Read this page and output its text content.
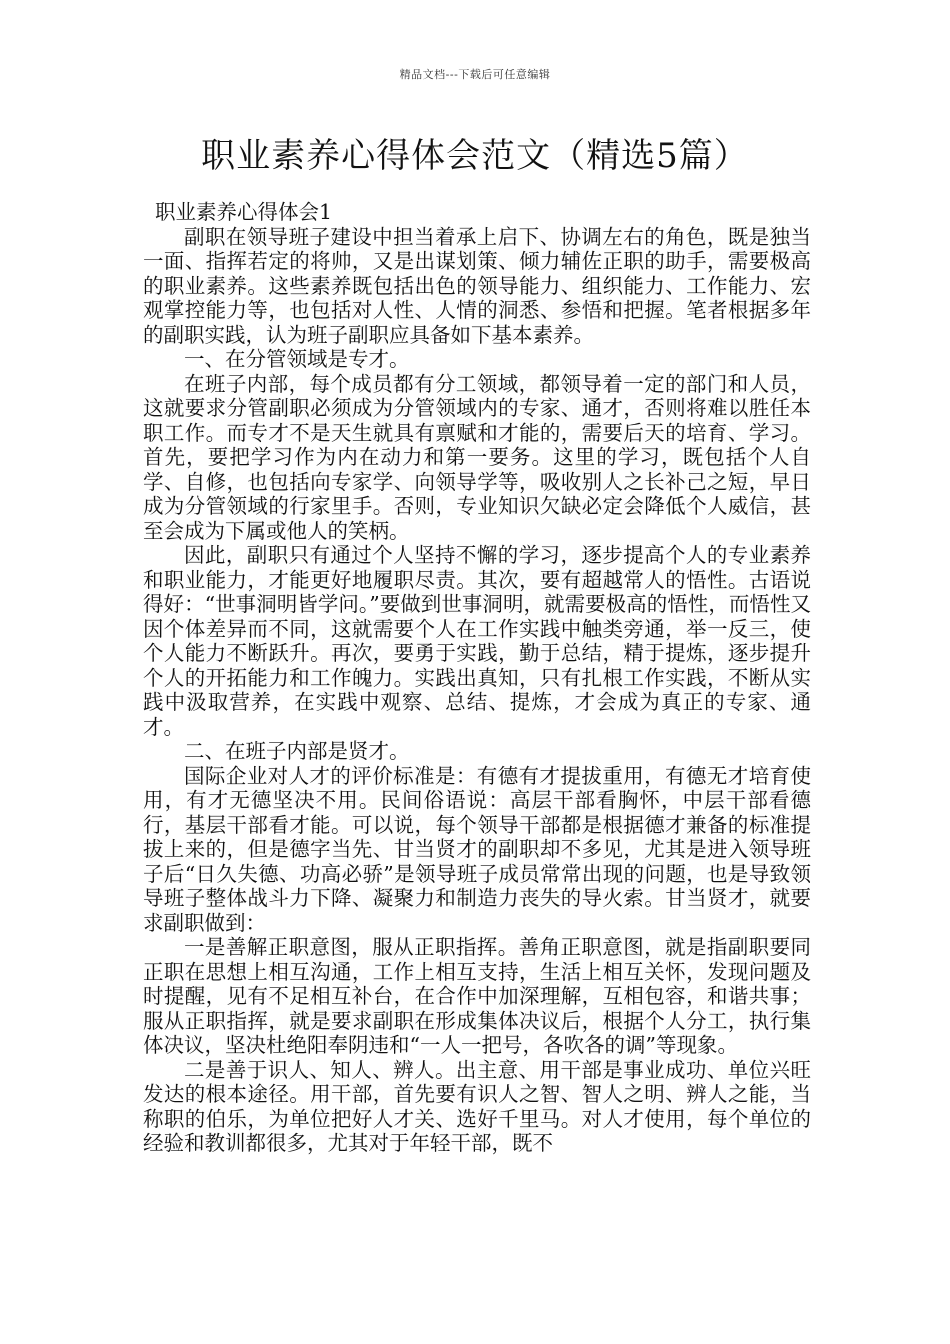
精品文档---下载后可任意编辑
职业素养心得体会范文（精选5篇）

职业素养心得体会1

副职在领导班子建设中担当着承上启下、协调左右的角色，既是独当一面、指挥若定的将帅，又是出谋划策、倾力辅佐正职的助手，需要极高的职业素养。这些素养既包括出色的领导能力、组织能力、工作能力、宏观掌控能力等，也包括对人性、人情的洞悉、参悟和把握。笔者根据多年的副职实践，认为班子副职应具备如下基本素养。

一、在分管领域是专才。

在班子内部，每个成员都有分工领域，都领导着一定的部门和人员，这就要求分管副职必须成为分管领域内的专家、通才，否则将难以胜任本职工作。而专才不是天生就具有禀赋和才能的，需要后天的培育、学习。首先，要把学习作为内在动力和第一要务。这里的学习，既包括个人自学、自修，也包括向专家学、向领导学等，吸收别人之长补己之短，早日成为分管领域的行家里手。否则，专业知识欠缺必定会降低个人威信，甚至会成为下属或他人的笑柄。

因此，副职只有通过个人坚持不懈的学习，逐步提高个人的专业素养和职业能力，才能更好地履职尽责。其次，要有超越常人的悟性。古语说得好：“世事洞明皆学问。”要做到世事洞明，就需要极高的悟性，而悟性又因个体差异而不同，这就需要个人在工作实践中触类旁通，举一反三，使个人能力不断跃升。再次，要勇于实践，勤于总结，精于提炼，逐步提升个人的开拓能力和工作魄力。实践出真知，只有扎根工作实践，不断从实践中汲取营养，在实践中观察、总结、提炼，才会成为真正的专家、通才。

二、在班子内部是贤才。

国际企业对人才的评价标准是：有德有才提拔重用，有德无才培育使用，有才无德坚决不用。民间俗语说：高层干部看胸怀，中层干部看德行，基层干部看才能。可以说，每个领导干部都是根据德才兼备的标准提拔上来的，但是德字当先、甘当贤才的副职却不多见，尤其是进入领导班子后“日久失德、功高必骄”是领导班子成员常常出现的问题，也是导致领导班子整体战斗力下降、凝聚力和制造力丧失的导火索。甘当贤才，就要求副职做到：

一是善解正职意图，服从正职指挥。善角正职意图，就是指副职要同正职在思想上相互沟通，工作上相互支持，生活上相互关怀，发现问题及时提醒，见有不足相互补台，在合作中加深理解，互相包容，和谐共事；服从正职指挥，就是要求副职在形成集体决议后，根据个人分工，执行集体决议，坚决杜绝阳奉阴违和“一人一把号，各吹各的调”等现象。

二是善于识人、知人、辨人。出主意、用干部是事业成功、单位兴旺发达的根本途径。用干部，首先要有识人之智、智人之明、辨人之能，当称职的伯乐，为单位把好人才关、选好千里马。对人才使用，每个单位的经验和教训都很多，尤其对于年轻干部，既不
